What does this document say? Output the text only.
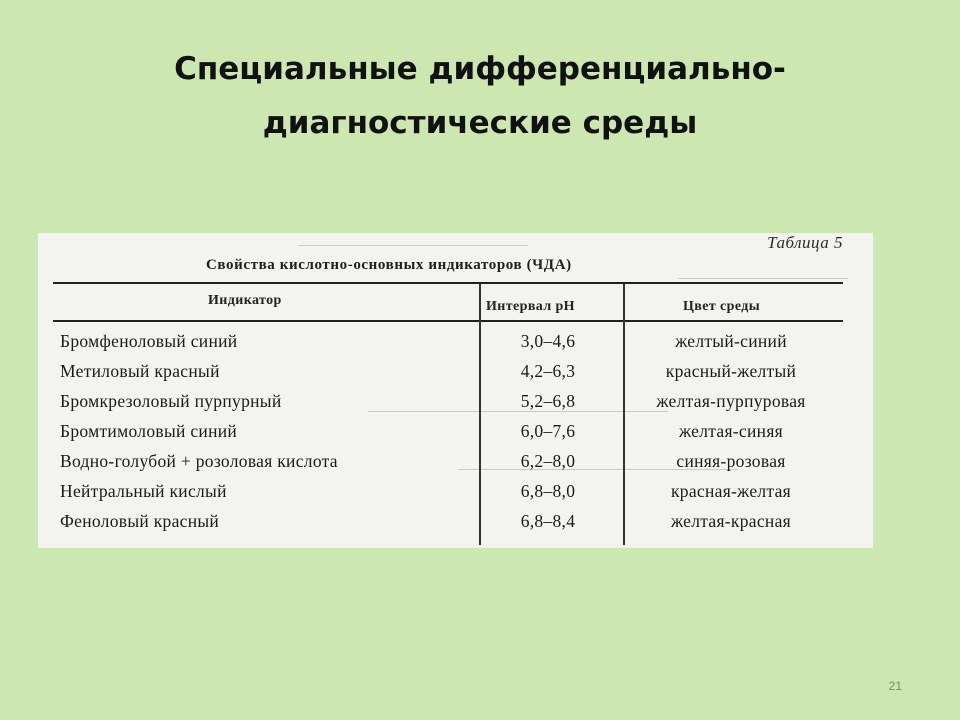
Специальные дифференциально-
диагностические среды
Таблица 5
Свойства кислотно-основных индикаторов (ЧДА)
Индикатор	Интервал pH	Цвет среды
Бромфеноловый синий	3,0–4,6	желтый-синий
Метиловый красный	4,2–6,3	красный-желтый
Бромкрезоловый пурпурный	5,2–6,8	желтая-пурпуровая
Бромтимоловый синий	6,0–7,6	желтая-синяя
Водно-голубой + розоловая кислота	6,2–8,0	синяя-розовая
Нейтральный кислый	6,8–8,0	красная-желтая
Феноловый красный	6,8–8,4	желтая-красная
21
